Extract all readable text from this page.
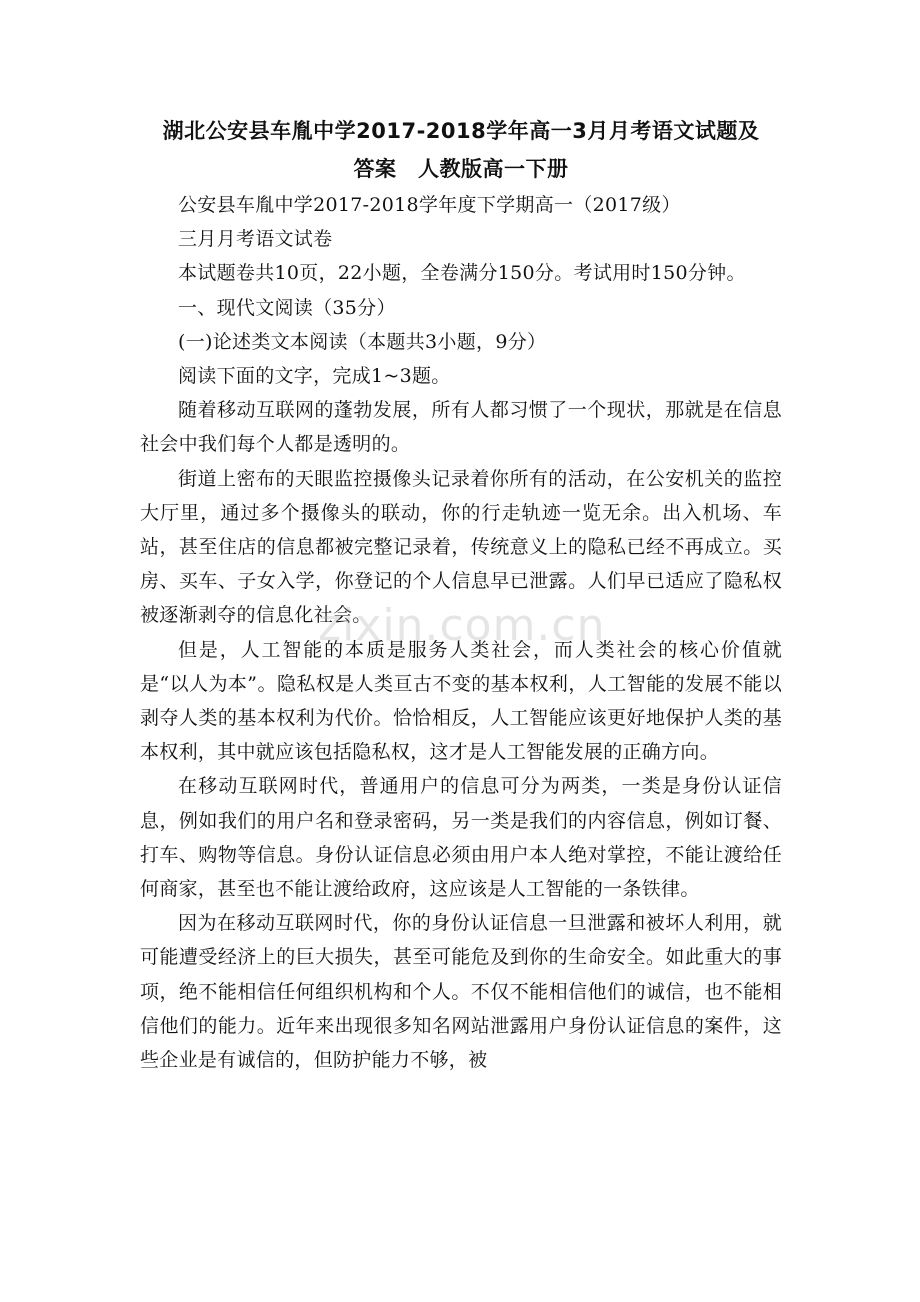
湖北公安县车胤中学2017-2018学年高一3月月考语文试题及
答案　人教版高一下册

公安县车胤中学2017-2018学年度下学期高一（2017级）

三月月考语文试卷

本试题卷共10页，22小题，全卷满分150分。考试用时150分钟。

一、现代文阅读（35分）

(一)论述类文本阅读（本题共3小题，9分）

阅读下面的文字，完成1~3题。

随着移动互联网的蓬勃发展，所有人都习惯了一个现状，那就是在信息社会中我们每个人都是透明的。

街道上密布的天眼监控摄像头记录着你所有的活动，在公安机关的监控大厅里，通过多个摄像头的联动，你的行走轨迹一览无余。出入机场、车站，甚至住店的信息都被完整记录着，传统意义上的隐私已经不再成立。买房、买车、子女入学，你登记的个人信息早已泄露。人们早已适应了隐私权被逐渐剥夺的信息化社会。

但是，人工智能的本质是服务人类社会，而人类社会的核心价值就是“以人为本”。隐私权是人类亘古不变的基本权利，人工智能的发展不能以剥夺人类的基本权利为代价。恰恰相反，人工智能应该更好地保护人类的基本权利，其中就应该包括隐私权，这才是人工智能发展的正确方向。

在移动互联网时代，普通用户的信息可分为两类，一类是身份认证信息，例如我们的用户名和登录密码，另一类是我们的内容信息，例如订餐、打车、购物等信息。身份认证信息必须由用户本人绝对掌控，不能让渡给任何商家，甚至也不能让渡给政府，这应该是人工智能的一条铁律。

因为在移动互联网时代，你的身份认证信息一旦泄露和被坏人利用，就可能遭受经济上的巨大损失，甚至可能危及到你的生命安全。如此重大的事项，绝不能相信任何组织机构和个人。不仅不能相信他们的诚信，也不能相信他们的能力。近年来出现很多知名网站泄露用户身份认证信息的案件，这些企业是有诚信的，但防护能力不够，被

zixin.com.cn
